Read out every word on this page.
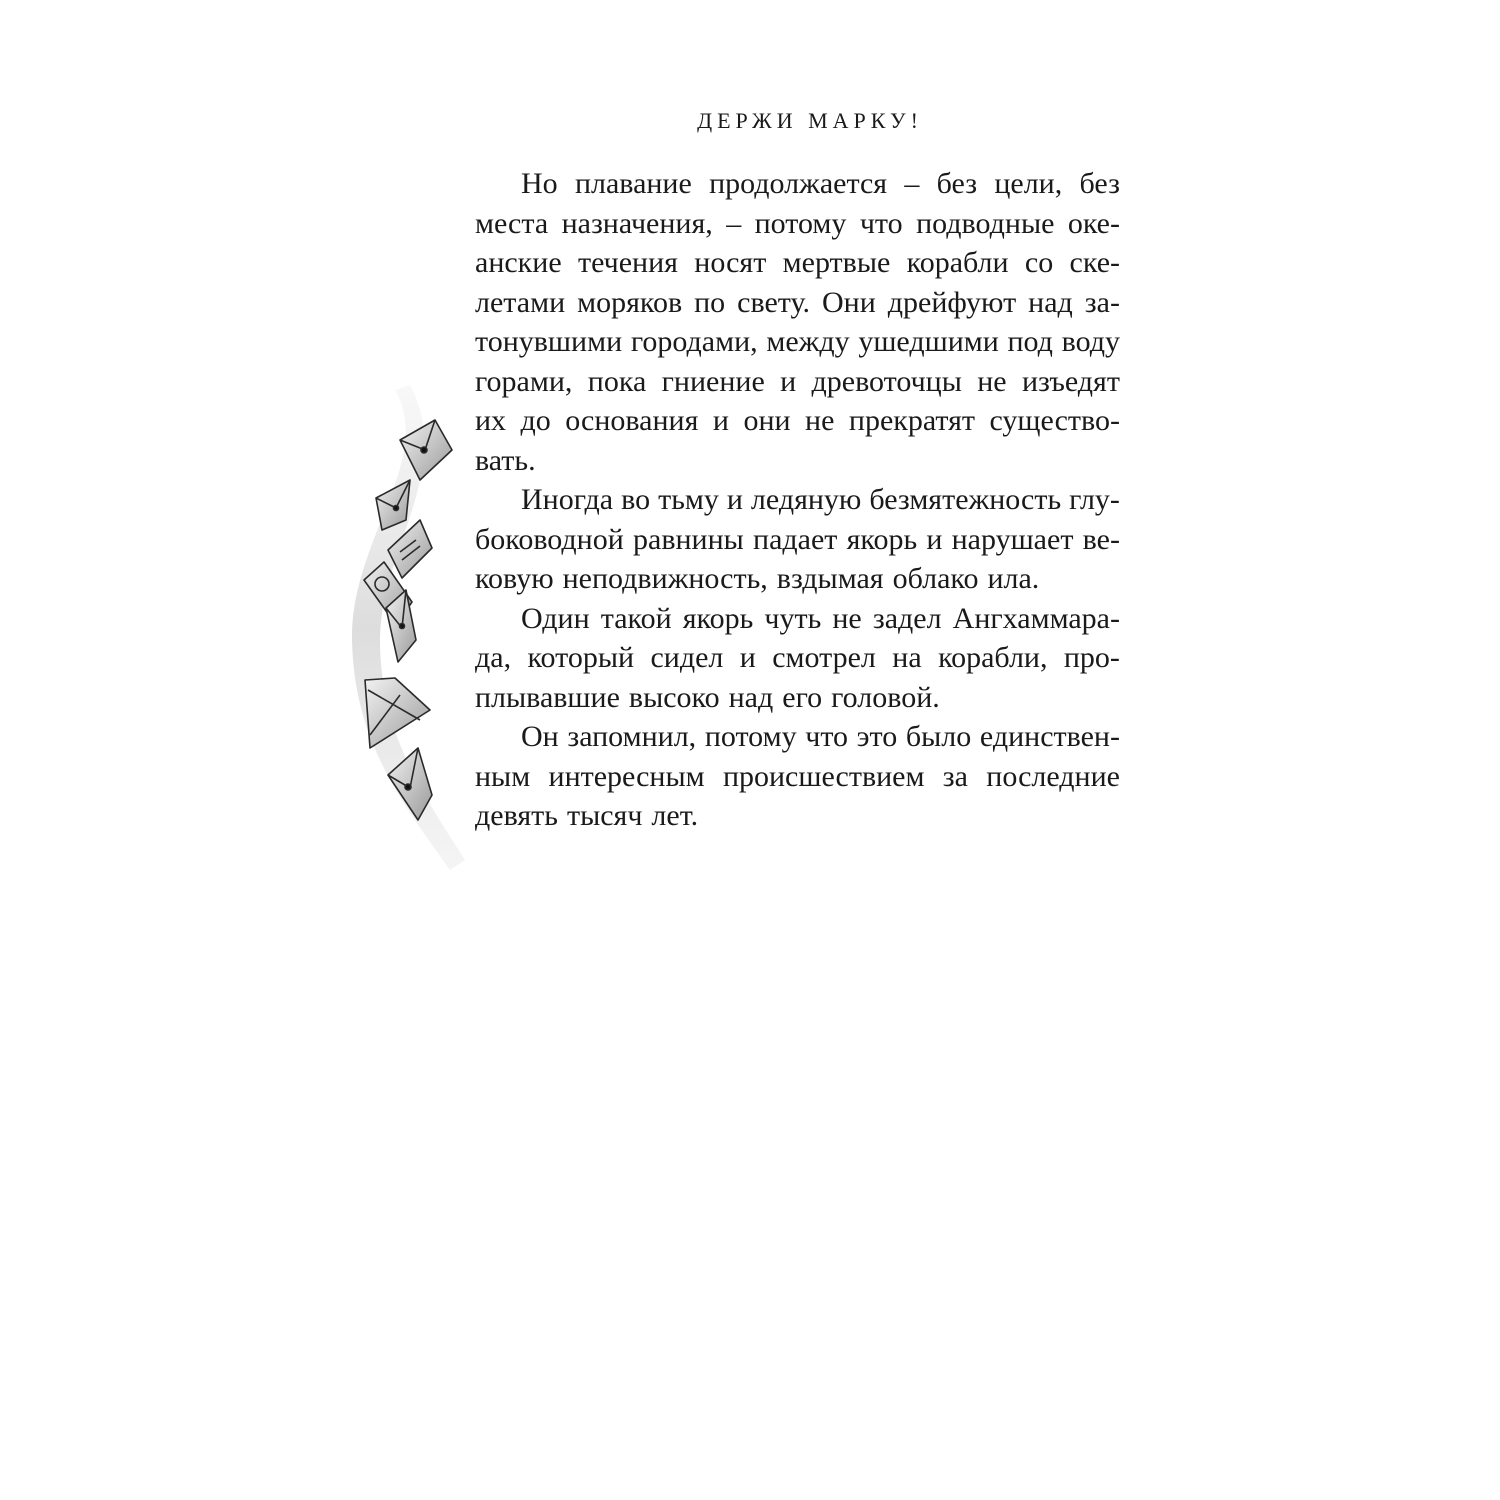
ДЕРЖИ МАРКУ!
Но плавание продолжается – без цели, без
места назначения, – потому что подводные оке-
анские течения носят мертвые корабли со ске-
летами моряков по свету. Они дрейфуют над за-
тонувшими городами, между ушедшими под воду
горами, пока гниение и древоточцы не изъедят
их до основания и они не прекратят существо-
вать.
Иногда во тьму и ледяную безмятежность глу-
боководной равнины падает якорь и нарушает ве-
ковую неподвижность, вздымая облако ила.
Один такой якорь чуть не задел Ангхаммара-
да, который сидел и смотрел на корабли, про-
плывавшие высоко над его головой.
Он запомнил, потому что это было единствен-
ным интересным происшествием за последние
девять тысяч лет.
